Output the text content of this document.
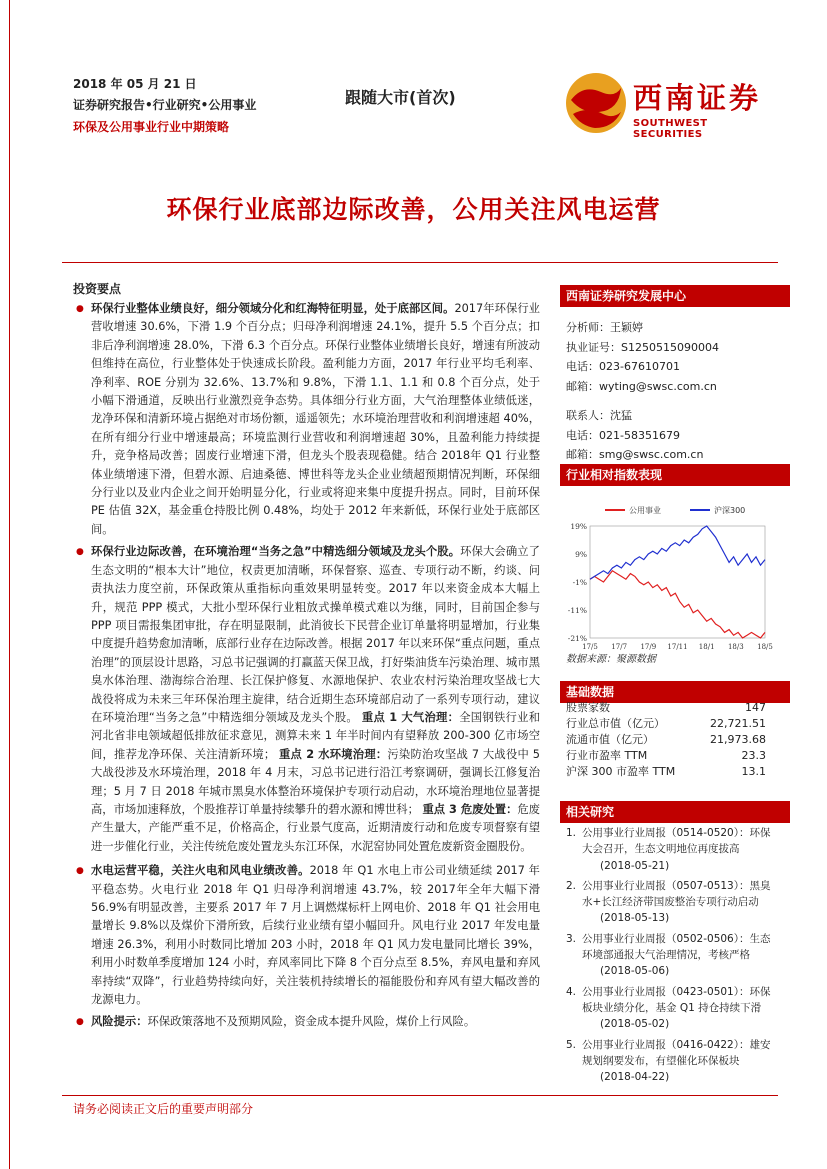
2018 年 05 月 21 日
证券研究报告•行业研究•公用事业
环保及公用事业行业中期策略
跟随大市(首次)	西南证券
SOUTHWEST SECURITIES
环保行业底部边际改善，公用关注风电运营
投资要点
● 环保行业整体业绩良好，细分领域分化和红海特征明显，处于底部区间。2017年环保行业营收增速 30.6%，下滑 1.9 个百分点；归母净利润增速 24.1%，提升 5.5 个百分点；扣非后净利润增速 28.0%，下滑 6.3 个百分点。环保行业整体业绩增长良好，增速有所波动但维持在高位，行业整体处于快速成长阶段。盈利能力方面，2017 年行业平均毛利率、净利率、ROE 分别为 32.6%、13.7%和 9.8%，下滑 1.1、1.1 和 0.8 个百分点，处于小幅下滑通道，反映出行业激烈竞争态势。具体细分行业方面，大气治理整体业绩低迷，龙净环保和清新环境占据绝对市场份额，遥遥领先；水环境治理营收和利润增速超 40%，在所有细分行业中增速最高；环境监测行业营收和利润增速超 30%，且盈利能力持续提升，竞争格局改善；固废行业增速下滑，但龙头个股表现稳健。结合 2018年 Q1 行业整体业绩增速下滑，但碧水源、启迪桑德、博世科等龙头企业业绩超预期情况判断，环保细分行业以及业内企业之间开始明显分化，行业或将迎来集中度提升拐点。同时，目前环保 PE 估值 32X，基金重仓持股比例 0.48%，均处于 2012 年来新低，环保行业处于底部区间。
● 环保行业边际改善，在环境治理“当务之急”中精选细分领域及龙头个股。环保大会确立了生态文明的“根本大计”地位，权责更加清晰，环保督察、巡查、专项行动不断，约谈、问责执法力度空前，环保政策从重指标向重效果明显转变。2017 年以来资金成本大幅上升，规范 PPP 模式，大批小型环保行业粗放式操单模式难以为继，同时，目前国企参与 PPP 项目需报集团审批，存在明显限制，此消彼长下民营企业订单量将明显增加，行业集中度提升趋势愈加清晰，底部行业存在边际改善。根据 2017 年以来环保“重点问题，重点治理”的顶层设计思路，习总书记强调的打赢蓝天保卫战，打好柴油货车污染治理、城市黑臭水体治理、渤海综合治理、长江保护修复、水源地保护、农业农村污染治理攻坚战七大战役将成为未来三年环保治理主旋律，结合近期生态环境部启动了一系列专项行动，建议在环境治理“当务之急”中精选细分领域及龙头个股。 重点 1 大气治理：全国钢铁行业和河北省非电领域超低排放征求意见，测算未来 1 年半时间内有望释放 200-300 亿市场空间，推荐龙净环保、关注清新环境； 重点 2 水环境治理：污染防治攻坚战 7 大战役中 5 大战役涉及水环境治理，2018 年 4 月末，习总书记进行沿江考察调研，强调长江修复治理；5 月 7 日 2018 年城市黑臭水体整治环境保护专项行动启动，水环境治理地位显著提高，市场加速释放，个股推荐订单量持续攀升的碧水源和博世科； 重点 3 危废处置：危废产生量大，产能严重不足，价格高企，行业景气度高，近期清废行动和危废专项督察有望进一步催化行业，关注传统危废处置龙头东江环保，水泥窑协同处置危废新资金圈股份。
● 水电运营平稳，关注火电和风电业绩改善。2018 年 Q1 水电上市公司业绩延续 2017 年平稳态势。火电行业 2018 年 Q1 归母净利润增速 43.7%，较 2017年全年大幅下滑 56.9%有明显改善，主要系 2017 年 7 月上调燃煤标杆上网电价、2018 年 Q1 社会用电量增长 9.8%以及煤价下滑所致，后续行业业绩有望小幅回升。风电行业 2017 年发电量增速 26.3%，利用小时数同比增加 203 小时，2018 年 Q1 风力发电量同比增长 39%，利用小时数单季度增加 124 小时，弃风率同比下降 8 个百分点至 8.5%，弃风电量和弃风率持续“双降”，行业趋势持续向好，关注装机持续增长的福能股份和弃风有望大幅改善的龙源电力。
● 风险提示：环保政策落地不及预期风险，资金成本提升风险，煤价上行风险。
西南证券研究发展中心
分析师：王颖婷
执业证号：S1250515090004
电话：023-67610701
邮箱：wyting@swsc.com.cn
联系人：沈猛
电话：021-58351679
邮箱：smg@swsc.com.cn
行业相对指数表现
公用事业	沪深300
19%
9%
-1%
-11%
-21%
17/5 17/7 17/9 17/11 18/1 18/3 18/5
数据来源：聚源数据
基础数据
股票家数	147
行业总市值（亿元）	22,721.51
流通市值（亿元）	21,973.68
行业市盈率 TTM	23.3
沪深 300 市盈率 TTM	13.1
相关研究
1. 公用事业行业周报（0514-0520）：环保大会召开，生态文明地位再度拔高
(2018-05-21)
2. 公用事业行业周报（0507-0513）：黑臭水+长江经济带国废整治专项行动启动
(2018-05-13)
3. 公用事业行业周报（0502-0506）：生态环境部通报大气治理情况，考核严格
(2018-05-06)
4. 公用事业行业周报（0423-0501）：环保板块业绩分化，基金 Q1 持仓持续下滑
(2018-05-02)
5. 公用事业行业周报（0416-0422）：雄安规划纲要发布，有望催化环保板块
(2018-04-22)
请务必阅读正文后的重要声明部分
